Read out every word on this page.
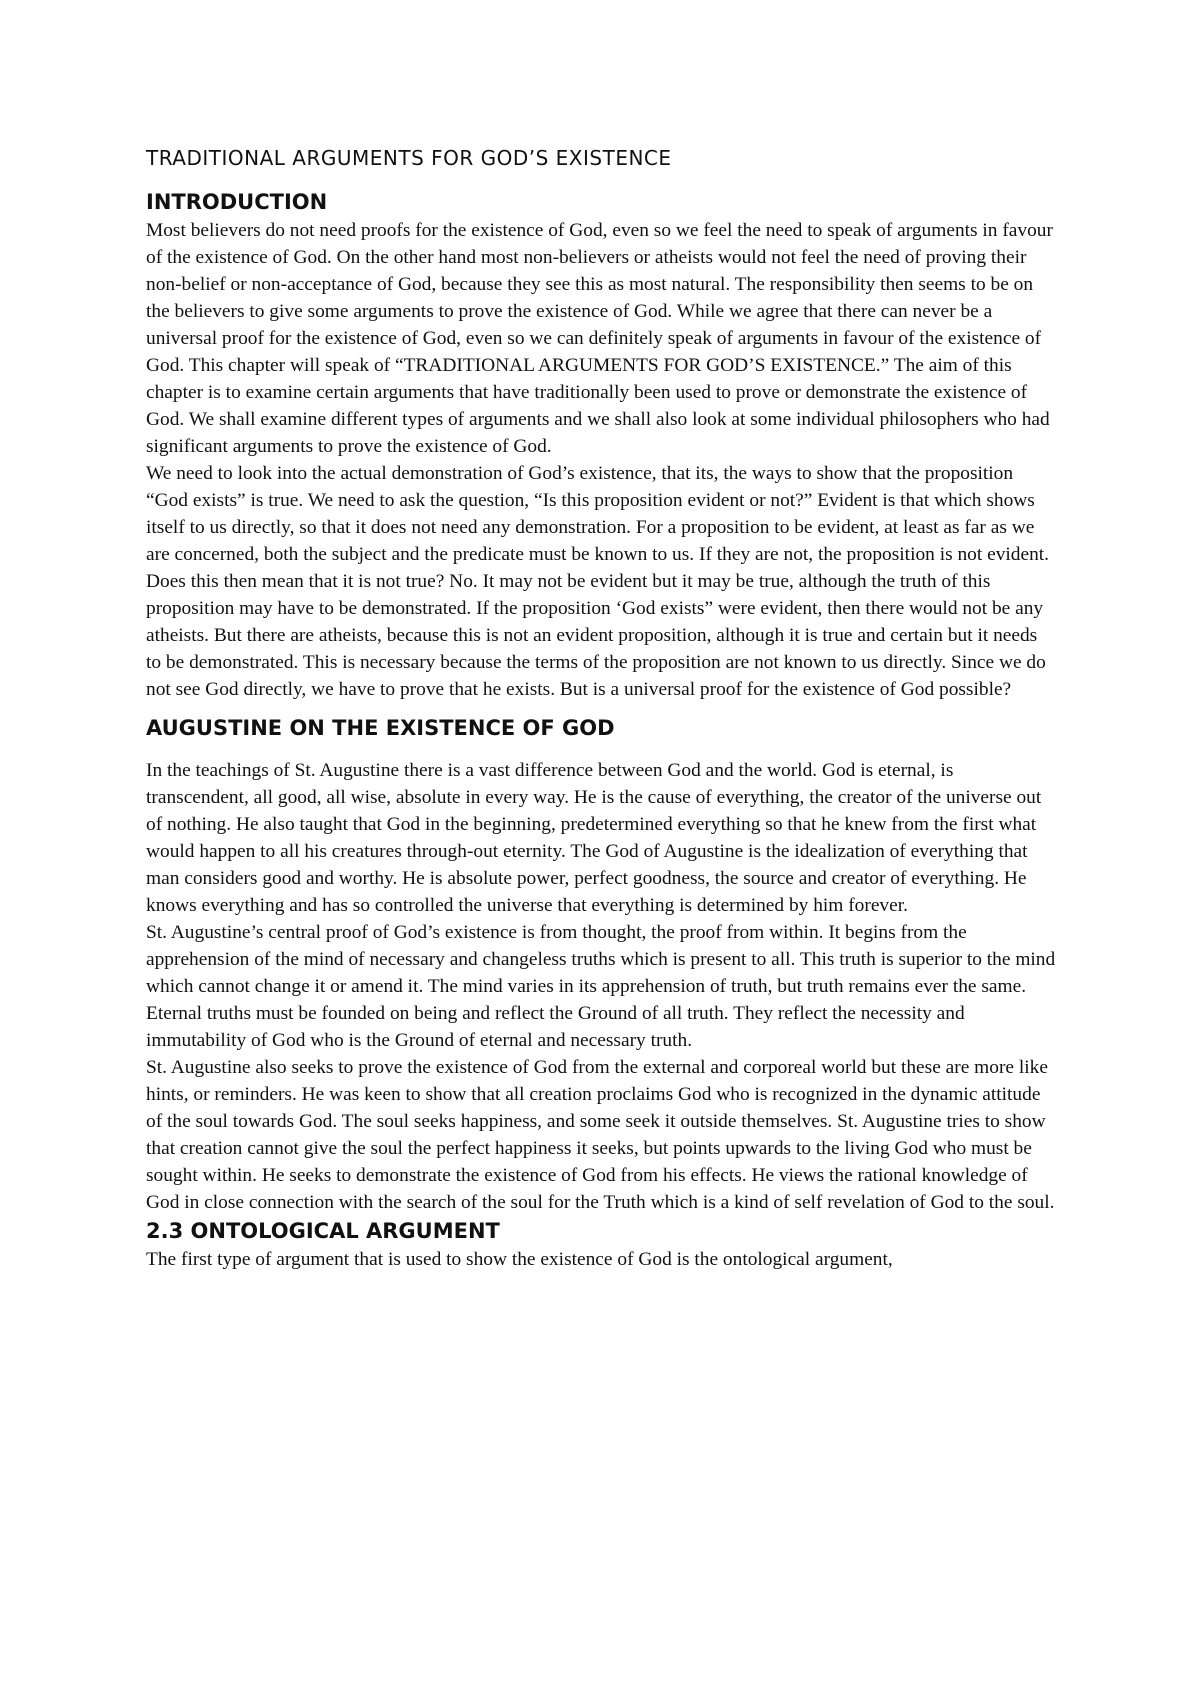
TRADITIONAL ARGUMENTS FOR GOD’S EXISTENCE
INTRODUCTION

Most believers do not need proofs for the existence of God, even so we feel the need to speak of arguments in favour of the existence of God. On the other hand most non-believers or atheists would not feel the need of proving their non-belief or non-acceptance of God, because they see this as most natural. The responsibility then seems to be on the believers to give some arguments to prove the existence of God. While we agree that there can never be a universal proof for the existence of God, even so we can definitely speak of arguments in favour of the existence of God. This chapter will speak of “TRADITIONAL ARGUMENTS FOR GOD’S EXISTENCE.” The aim of this chapter is to examine certain arguments that have traditionally been used to prove or demonstrate the existence of God. We shall examine different types of arguments and we shall also look at some individual philosophers who had significant arguments to prove the existence of God.

We need to look into the actual demonstration of God’s existence, that its, the ways to show that the proposition “God exists” is true. We need to ask the question, “Is this proposition evident or not?” Evident is that which shows itself to us directly, so that it does not need any demonstration. For a proposition to be evident, at least as far as we are concerned, both the subject and the predicate must be known to us. If they are not, the proposition is not evident. Does this then mean that it is not true? No. It may not be evident but it may be true, although the truth of this proposition may have to be demonstrated. If the proposition ‘God exists” were evident, then there would not be any atheists. But there are atheists, because this is not an evident proposition, although it is true and certain but it needs to be demonstrated. This is necessary because the terms of the proposition are not known to us directly. Since we do not see God directly, we have to prove that he exists. But is a universal proof for the existence of God possible?

AUGUSTINE ON THE EXISTENCE OF GOD

In the teachings of St. Augustine there is a vast difference between God and the world. God is eternal, is transcendent, all good, all wise, absolute in every way. He is the cause of everything, the creator of the universe out of nothing. He also taught that God in the beginning, predetermined everything so that he knew from the first what would happen to all his creatures through-out eternity. The God of Augustine is the idealization of everything that man considers good and worthy. He is absolute power, perfect goodness, the source and creator of everything. He knows everything and has so controlled the universe that everything is determined by him forever.

St. Augustine’s central proof of God’s existence is from thought, the proof from within. It begins from the apprehension of the mind of necessary and changeless truths which is present to all. This truth is superior to the mind which cannot change it or amend it. The mind varies in its apprehension of truth, but truth remains ever the same. Eternal truths must be founded on being and reflect the Ground of all truth. They reflect the necessity and immutability of God who is the Ground of eternal and necessary truth.

St. Augustine also seeks to prove the existence of God from the external and corporeal world but these are more like hints, or reminders. He was keen to show that all creation proclaims God who is recognized in the dynamic attitude of the soul towards God. The soul seeks happiness, and some seek it outside themselves. St. Augustine tries to show that creation cannot give the soul the perfect happiness it seeks, but points upwards to the living God who must be sought within. He seeks to demonstrate the existence of God from his effects. He views the rational knowledge of God in close connection with the search of the soul for the Truth which is a kind of self revelation of God to the soul.

2.3 ONTOLOGICAL ARGUMENT

The first type of argument that is used to show the existence of God is the ontological argument,
